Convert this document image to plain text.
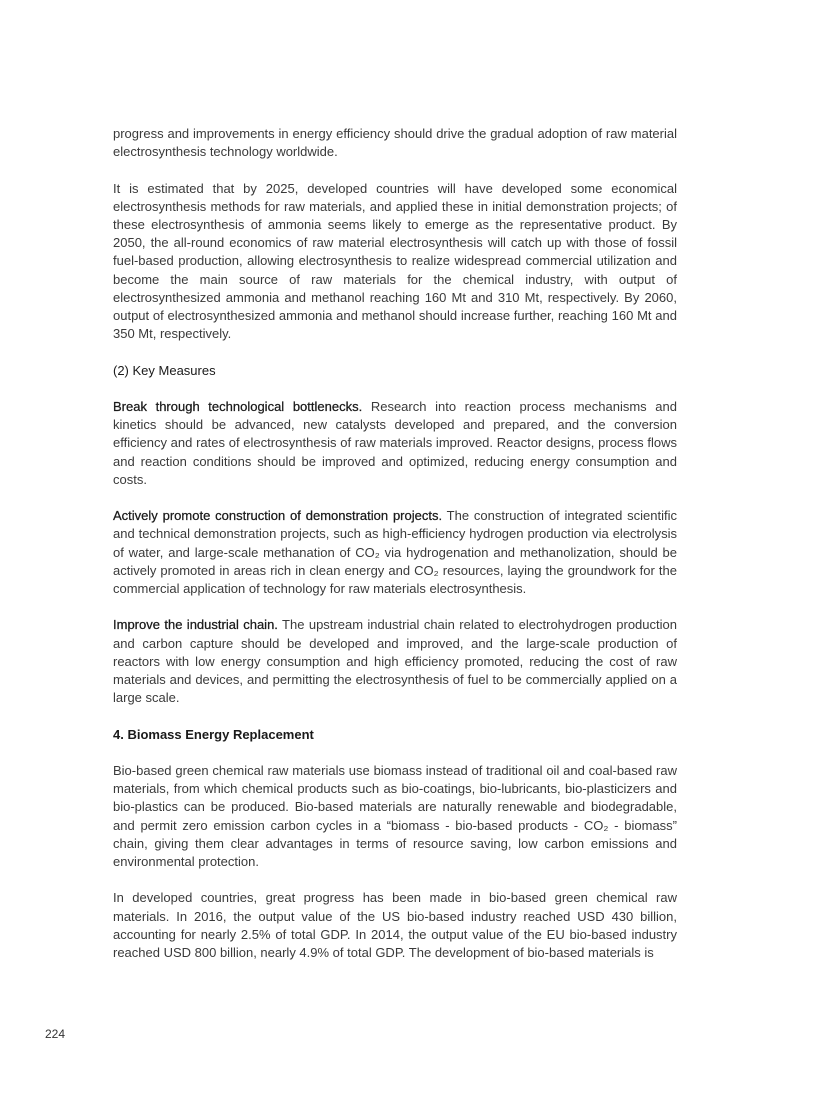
progress and improvements in energy efficiency should drive the gradual adoption of raw material electrosynthesis technology worldwide.

It is estimated that by 2025, developed countries will have developed some economical electrosynthesis methods for raw materials, and applied these in initial demonstration projects; of these electrosynthesis of ammonia seems likely to emerge as the representative product. By 2050, the all-round economics of raw material electrosynthesis will catch up with those of fossil fuel-based production, allowing electrosynthesis to realize widespread commercial utilization and become the main source of raw materials for the chemical industry, with output of electrosynthesized ammonia and methanol reaching 160 Mt and 310 Mt, respectively. By 2060, output of electrosynthesized ammonia and methanol should increase further, reaching 160 Mt and 350 Mt, respectively.

(2) Key Measures

Break through technological bottlenecks. Research into reaction process mechanisms and kinetics should be advanced, new catalysts developed and prepared, and the conversion efficiency and rates of electrosynthesis of raw materials improved. Reactor designs, process flows and reaction conditions should be improved and optimized, reducing energy consumption and costs.

Actively promote construction of demonstration projects. The construction of integrated scientific and technical demonstration projects, such as high-efficiency hydrogen production via electrolysis of water, and large-scale methanation of CO₂ via hydrogenation and methanolization, should be actively promoted in areas rich in clean energy and CO₂ resources, laying the groundwork for the commercial application of technology for raw materials electrosynthesis.

Improve the industrial chain. The upstream industrial chain related to electrohydrogen production and carbon capture should be developed and improved, and the large-scale production of reactors with low energy consumption and high efficiency promoted, reducing the cost of raw materials and devices, and permitting the electrosynthesis of fuel to be commercially applied on a large scale.

4. Biomass Energy Replacement

Bio-based green chemical raw materials use biomass instead of traditional oil and coal-based raw materials, from which chemical products such as bio-coatings, bio-lubricants, bio-plasticizers and bio-plastics can be produced. Bio-based materials are naturally renewable and biodegradable, and permit zero emission carbon cycles in a “biomass - bio-based products - CO₂ - biomass” chain, giving them clear advantages in terms of resource saving, low carbon emissions and environmental protection.

In developed countries, great progress has been made in bio-based green chemical raw materials. In 2016, the output value of the US bio-based industry reached USD 430 billion, accounting for nearly 2.5% of total GDP. In 2014, the output value of the EU bio-based industry reached USD 800 billion, nearly 4.9% of total GDP. The development of bio-based materials is

224
